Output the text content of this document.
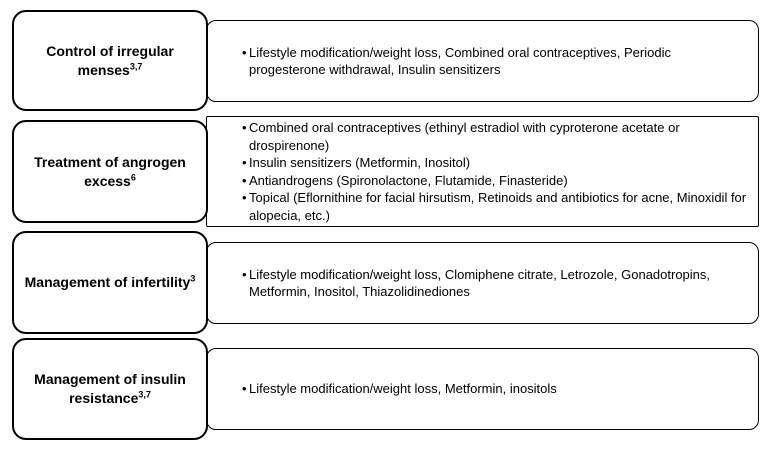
• Lifestyle modification/weight loss, Combined oral contraceptives, Periodic progesterone withdrawal, Insulin sensitizers
Control of irregular menses$^{3,7}$
• Combined oral contraceptives (ethinyl estradiol with cyproterone acetate or drospirenone)
• Insulin sensitizers (Metformin, Inositol)
• Antiandrogens (Spironolactone, Flutamide, Finasteride)
• Topical (Eflornithine for facial hirsutism, Retinoids and antibiotics for acne, Minoxidil for alopecia, etc.)
Treatment of angrogen excess$^6$
• Lifestyle modification/weight loss, Clomiphene citrate, Letrozole, Gonadotropins, Metformin, Inositol, Thiazolidinediones
Management of infertility$^3$
• Lifestyle modification/weight loss, Metformin, inositols
Management of insulin resistance$^{3,7}$
